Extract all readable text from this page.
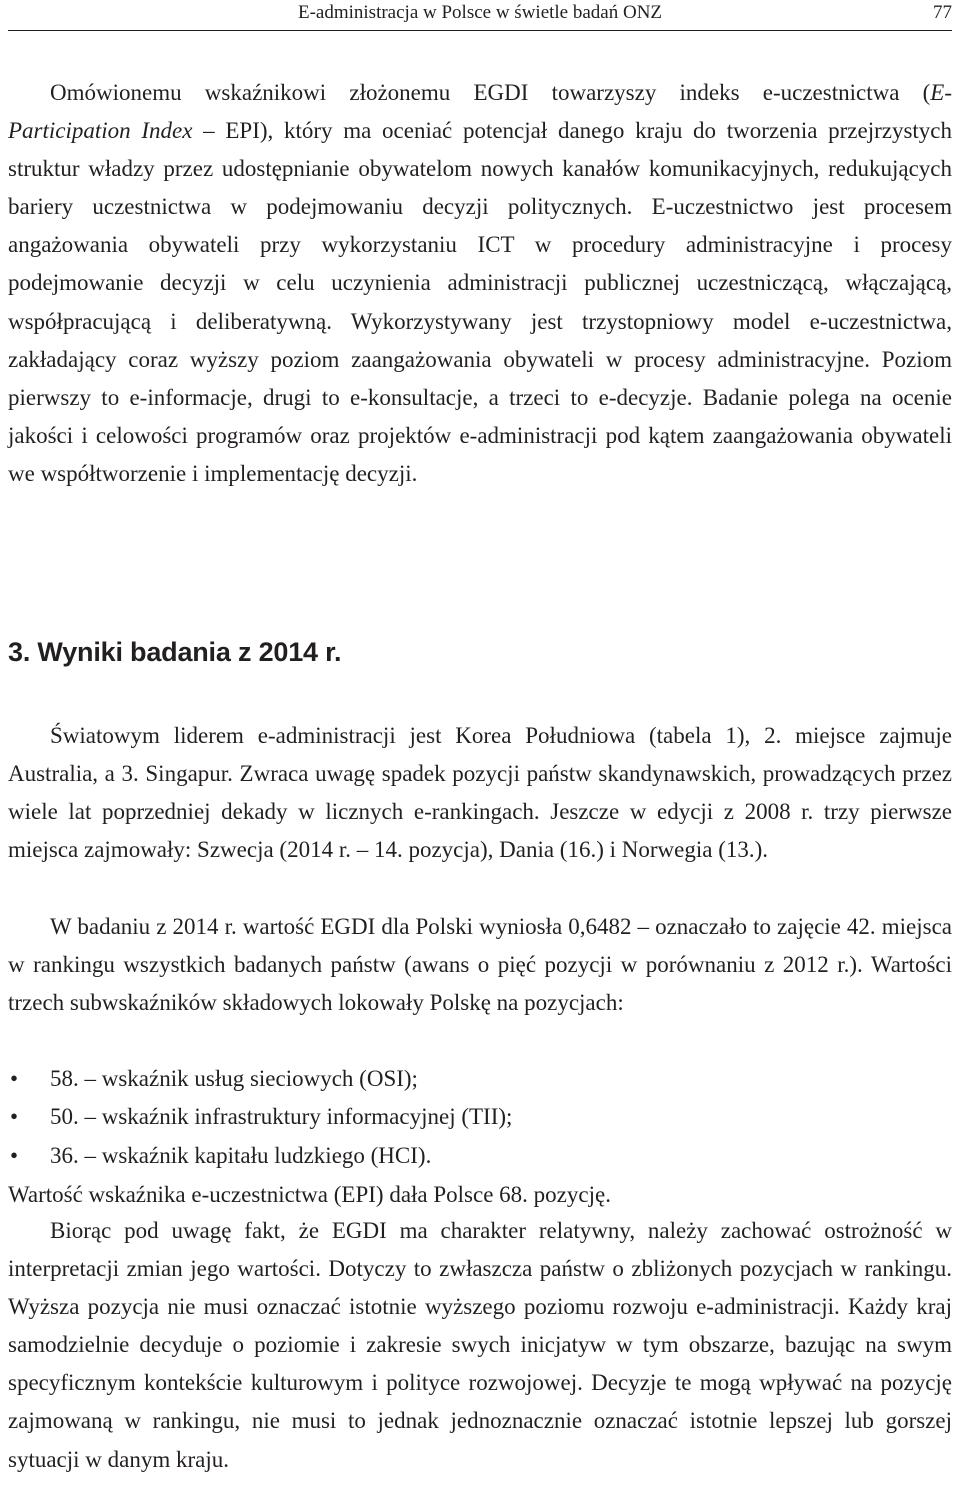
E-administracja w Polsce w świetle badań ONZ	77

Omówionemu wskaźnikowi złożonemu EGDI towarzyszy indeks e-uczestnictwa (E-Participation Index – EPI), który ma oceniać potencjał danego kraju do tworzenia przejrzystych struktur władzy przez udostępnianie obywatelom nowych kanałów komunikacyjnych, redukujących bariery uczestnictwa w podejmowaniu decyzji politycznych. E-uczestnictwo jest procesem angażowania obywateli przy wykorzystaniu ICT w procedury administracyjne i procesy podejmowanie decyzji w celu uczynienia administracji publicznej uczestniczącą, włączającą, współpracującą i deliberatywną. Wykorzystywany jest trzystopniowy model e-uczestnictwa, zakładający coraz wyższy poziom zaangażowania obywateli w procesy administracyjne. Poziom pierwszy to e-informacje, drugi to e-konsultacje, a trzeci to e-decyzje. Badanie polega na ocenie jakości i celowości programów oraz projektów e-administracji pod kątem zaangażowania obywateli we współtworzenie i implementację decyzji.

3. Wyniki badania z 2014 r.

Światowym liderem e-administracji jest Korea Południowa (tabela 1), 2. miejsce zajmuje Australia, a 3. Singapur. Zwraca uwagę spadek pozycji państw skandynawskich, prowadzących przez wiele lat poprzedniej dekady w licznych e-rankingach. Jeszcze w edycji z 2008 r. trzy pierwsze miejsca zajmowały: Szwecja (2014 r. – 14. pozycja), Dania (16.) i Norwegia (13.).

W badaniu z 2014 r. wartość EGDI dla Polski wyniosła 0,6482 – oznaczało to zajęcie 42. miejsca w rankingu wszystkich badanych państw (awans o pięć pozycji w porównaniu z 2012 r.). Wartości trzech subwskaźników składowych lokowały Polskę na pozycjach:

• 58. – wskaźnik usług sieciowych (OSI);
• 50. – wskaźnik infrastruktury informacyjnej (TII);
• 36. – wskaźnik kapitału ludzkiego (HCI).

Wartość wskaźnika e-uczestnictwa (EPI) dała Polsce 68. pozycję.

Biorąc pod uwagę fakt, że EGDI ma charakter relatywny, należy zachować ostrożność w interpretacji zmian jego wartości. Dotyczy to zwłaszcza państw o zbliżonych pozycjach w rankingu. Wyższa pozycja nie musi oznaczać istotnie wyższego poziomu rozwoju e-administracji. Każdy kraj samodzielnie decyduje o poziomie i zakresie swych inicjatyw w tym obszarze, bazując na swym specyficznym kontekście kulturowym i polityce rozwojowej. Decyzje te mogą wpływać na pozycję zajmowaną w rankingu, nie musi to jednak jednoznacznie oznaczać istotnie lepszej lub gorszej sytuacji w danym kraju.
